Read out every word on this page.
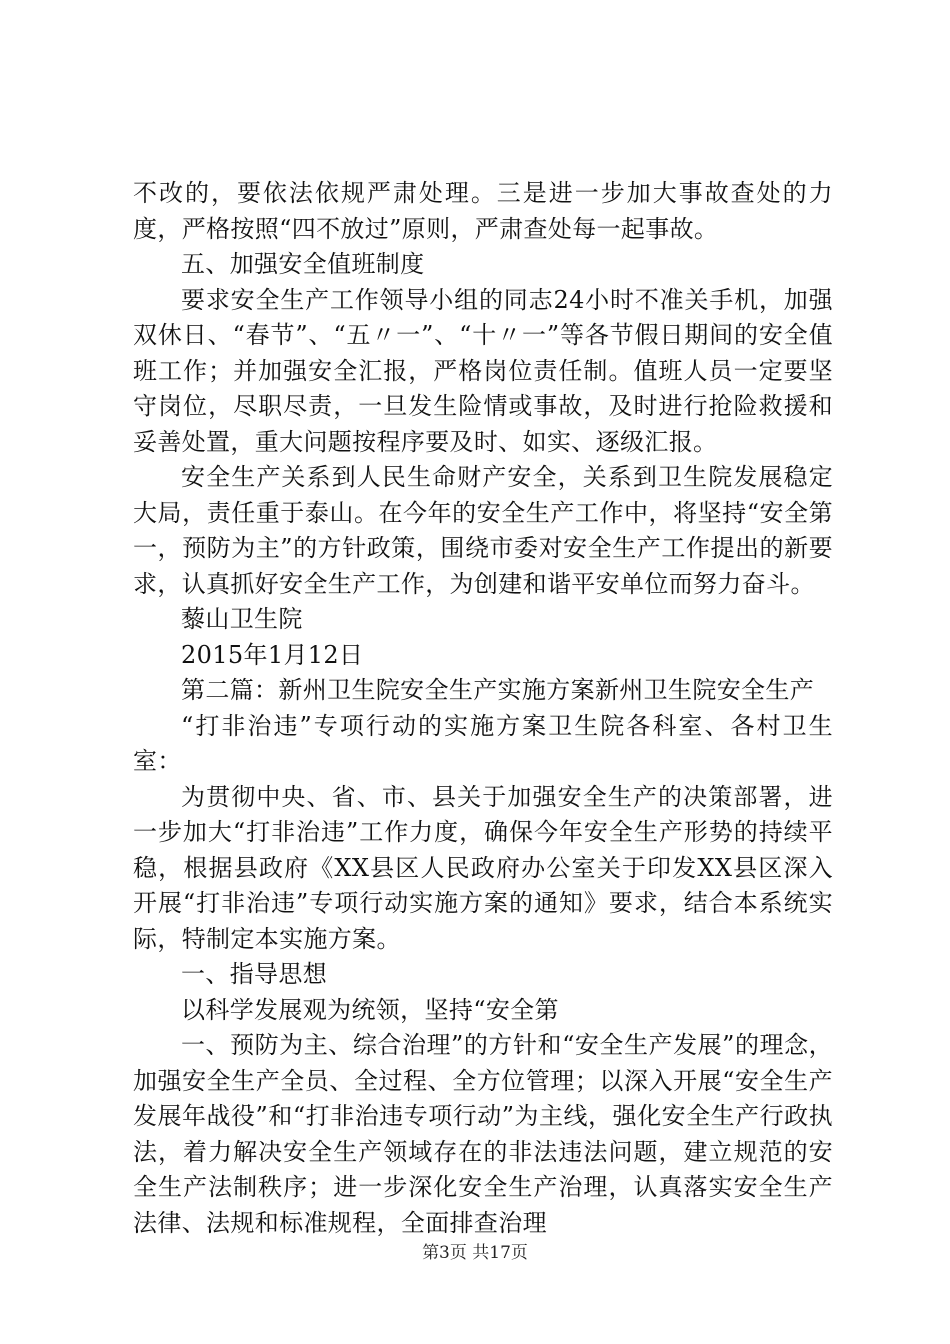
不改的，要依法依规严肃处理。三是进一步加大事故查处的力度，严格按照“四不放过”原则，严肃查处每一起事故。

五、加强安全值班制度

要求安全生产工作领导小组的同志24小时不准关手机，加强双休日、“春节”、“五〃一”、“十〃一”等各节假日期间的安全值班工作；并加强安全汇报，严格岗位责任制。值班人员一定要坚守岗位，尽职尽责，一旦发生险情或事故，及时进行抢险救援和妥善处置，重大问题按程序要及时、如实、逐级汇报。

安全生产关系到人民生命财产安全，关系到卫生院发展稳定大局，责任重于泰山。在今年的安全生产工作中，将坚持“安全第一，预防为主”的方针政策，围绕市委对安全生产工作提出的新要求，认真抓好安全生产工作，为创建和谐平安单位而努力奋斗。

藜山卫生院

2015年1月12日

第二篇：新州卫生院安全生产实施方案新州卫生院安全生产

“打非治违”专项行动的实施方案卫生院各科室、各村卫生室：

为贯彻中央、省、市、县关于加强安全生产的决策部署，进一步加大“打非治违”工作力度，确保今年安全生产形势的持续平稳，根据县政府《XX县区人民政府办公室关于印发XX县区深入开展“打非治违”专项行动实施方案的通知》要求，结合本系统实际，特制定本实施方案。

一、指导思想

以科学发展观为统领，坚持“安全第

一、预防为主、综合治理”的方针和“安全生产发展”的理念，加强安全生产全员、全过程、全方位管理；以深入开展“安全生产发展年战役”和“打非治违专项行动”为主线，强化安全生产行政执法，着力解决安全生产领域存在的非法违法问题，建立规范的安全生产法制秩序；进一步深化安全生产治理，认真落实安全生产法律、法规和标准规程，全面排查治理

第3页 共17页
